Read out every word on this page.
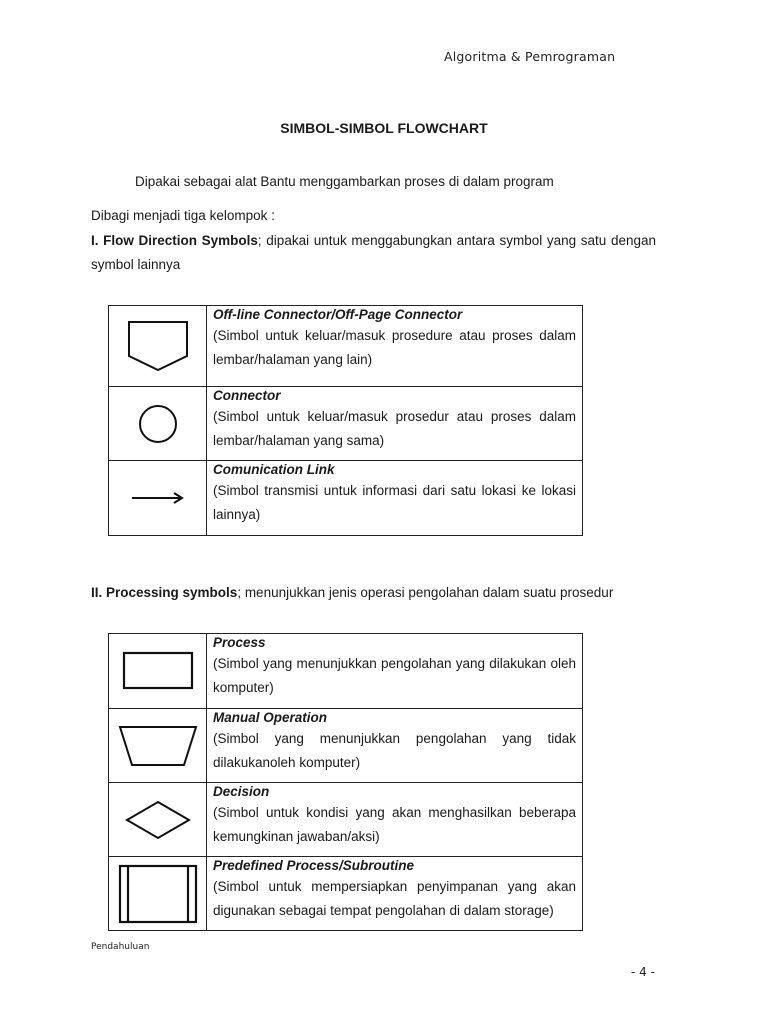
Algoritma & Pemrograman
SIMBOL-SIMBOL FLOWCHART
Dipakai sebagai alat Bantu menggambarkan proses di dalam program
Dibagi menjadi tiga kelompok :
I. Flow Direction Symbols; dipakai untuk menggabungkan antara symbol yang satu dengan symbol lainnya

Off-line Connector/Off-Page Connector
(Simbol untuk keluar/masuk prosedure atau proses dalam lembar/halaman yang lain)

Connector
(Simbol untuk keluar/masuk prosedur atau proses dalam lembar/halaman yang sama)

Comunication Link
(Simbol transmisi untuk informasi dari satu lokasi ke lokasi lainnya)
II. Processing symbols; menunjukkan jenis operasi pengolahan dalam suatu prosedur

Process
(Simbol yang menunjukkan pengolahan yang dilakukan oleh komputer)

Manual Operation
(Simbol yang menunjukkan pengolahan yang tidak dilakukanoleh komputer)

Decision
(Simbol untuk kondisi yang akan menghasilkan beberapa kemungkinan jawaban/aksi)

Predefined Process/Subroutine
(Simbol untuk mempersiapkan penyimpanan yang akan digunakan sebagai tempat pengolahan di dalam storage)
Pendahuluan
- 4 -
